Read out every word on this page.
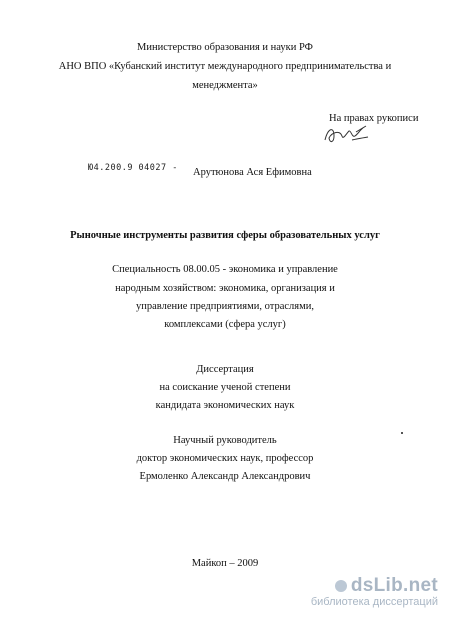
Министерство образования и науки РФ
АНО ВПО «Кубанский институт международного предпринимательства и
менеджмента»
На правах рукописи
Ю4.200.9 04027 - Арутюнова Ася Ефимовна
Рыночные инструменты развития сферы образовательных услуг
Специальность 08.00.05 - экономика и управление
народным хозяйством: экономика, организация и
управление предприятиями, отраслями,
комплексами (сфера услуг)
Диссертация
на соискание ученой степени
кандидата экономических наук
Научный руководитель
доктор экономических наук, профессор
Ермоленко Александр Александрович
Майкоп – 2009
dsLib.net
библиотека диссертаций
